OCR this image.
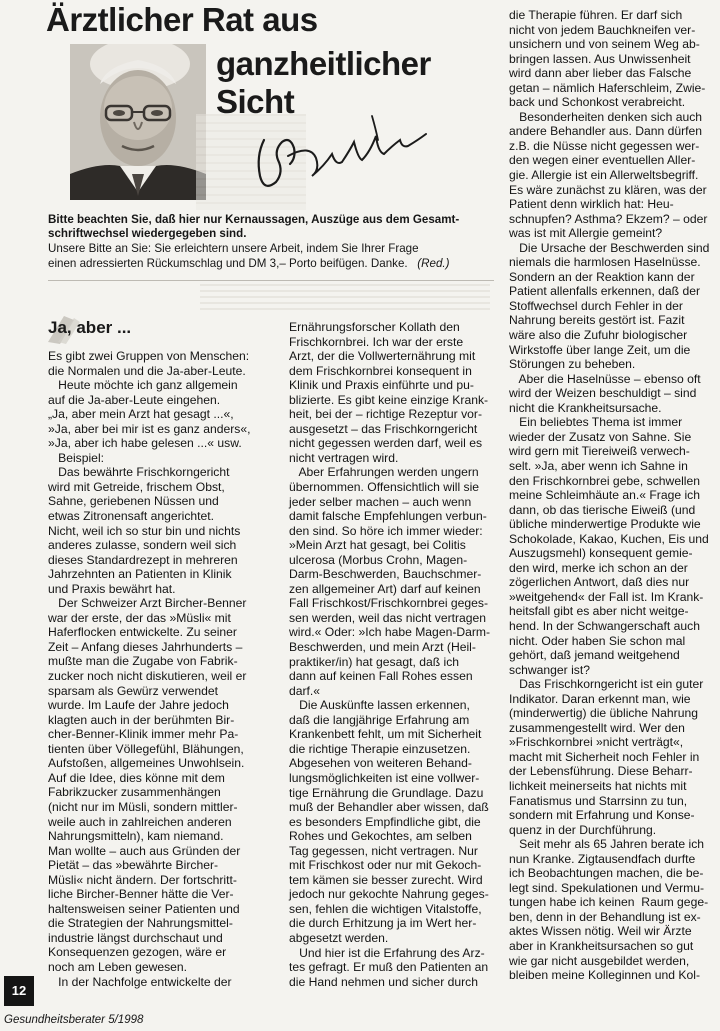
Ärztlicher Rat aus
ganzheitlicher
Sicht
Bitte beachten Sie, daß hier nur Kernaussagen, Auszüge aus dem Gesamt-
schriftwechsel wiedergegeben sind.
Unsere Bitte an Sie: Sie erleichtern unsere Arbeit, indem Sie Ihrer Frage
einen adressierten Rückumschlag und DM 3,– Porto beifügen. Danke. (Red.)
Ja, aber ...
Es gibt zwei Gruppen von Menschen:
die Normalen und die Ja-aber-Leute.
Heute möchte ich ganz allgemein
auf die Ja-aber-Leute eingehen.
„Ja, aber mein Arzt hat gesagt ...«,
»Ja, aber bei mir ist es ganz anders«,
»Ja, aber ich habe gelesen ...« usw.
Beispiel:
Das bewährte Frischkorngericht
wird mit Getreide, frischem Obst,
Sahne, geriebenen Nüssen und
etwas Zitronensaft angerichtet.
Nicht, weil ich so stur bin und nichts
anderes zulasse, sondern weil sich
dieses Standardrezept in mehreren
Jahrzehnten an Patienten in Klinik
und Praxis bewährt hat.
Der Schweizer Arzt Bircher-Benner
war der erste, der das »Müsli« mit
Haferflocken entwickelte. Zu seiner
Zeit – Anfang dieses Jahrhunderts –
mußte man die Zugabe von Fabrik-
zucker noch nicht diskutieren, weil er
sparsam als Gewürz verwendet
wurde. Im Laufe der Jahre jedoch
klagten auch in der berühmten Bir-
cher-Benner-Klinik immer mehr Pa-
tienten über Völlegefühl, Blähungen,
Aufstoßen, allgemeines Unwohlsein.
Auf die Idee, dies könne mit dem
Fabrikzucker zusammenhängen
(nicht nur im Müsli, sondern mittler-
weile auch in zahlreichen anderen
Nahrungsmitteln), kam niemand.
Man wollte – auch aus Gründen der
Pietät – das »bewährte Bircher-
Müsli« nicht ändern. Der fortschritt-
liche Bircher-Benner hätte die Ver-
haltensweisen seiner Patienten und
die Strategien der Nahrungsmittel-
industrie längst durchschaut und
Konsequenzen gezogen, wäre er
noch am Leben gewesen.
In der Nachfolge entwickelte der
Ernährungsforscher Kollath den
Frischkornbrei. Ich war der erste
Arzt, der die Vollwerternährung mit
dem Frischkornbrei konsequent in
Klinik und Praxis einführte und pu-
blizierte. Es gibt keine einzige Krank-
heit, bei der – richtige Rezeptur vor-
ausgesetzt – das Frischkorngericht
nicht gegessen werden darf, weil es
nicht vertragen wird.
Aber Erfahrungen werden ungern
übernommen. Offensichtlich will sie
jeder selber machen – auch wenn
damit falsche Empfehlungen verbun-
den sind. So höre ich immer wieder:
»Mein Arzt hat gesagt, bei Colitis
ulcerosa (Morbus Crohn, Magen-
Darm-Beschwerden, Bauchschmer-
zen allgemeiner Art) darf auf keinen
Fall Frischkost/Frischkornbrei geges-
sen werden, weil das nicht vertragen
wird.« Oder: »Ich habe Magen-Darm-
Beschwerden, und mein Arzt (Heil-
praktiker/in) hat gesagt, daß ich
dann auf keinen Fall Rohes essen
darf.«
Die Auskünfte lassen erkennen,
daß die langjährige Erfahrung am
Krankenbett fehlt, um mit Sicherheit
die richtige Therapie einzusetzen.
Abgesehen von weiteren Behand-
lungsmöglichkeiten ist eine vollwer-
tige Ernährung die Grundlage. Dazu
muß der Behandler aber wissen, daß
es besonders Empfindliche gibt, die
Rohes und Gekochtes, am selben
Tag gegessen, nicht vertragen. Nur
mit Frischkost oder nur mit Gekoch-
tem kämen sie besser zurecht. Wird
jedoch nur gekochte Nahrung geges-
sen, fehlen die wichtigen Vitalstoffe,
die durch Erhitzung ja im Wert her-
abgesetzt werden.
Und hier ist die Erfahrung des Arz-
tes gefragt. Er muß den Patienten an
die Hand nehmen und sicher durch
die Therapie führen. Er darf sich
nicht von jedem Bauchkneifen ver-
unsichern und von seinem Weg ab-
bringen lassen. Aus Unwissenheit
wird dann aber lieber das Falsche
getan – nämlich Haferschleim, Zwie-
back und Schonkost verabreicht.
Besonderheiten denken sich auch
andere Behandler aus. Dann dürfen
z.B. die Nüsse nicht gegessen wer-
den wegen einer eventuellen Aller-
gie. Allergie ist ein Allerweltsbegriff.
Es wäre zunächst zu klären, was der
Patient denn wirklich hat: Heu-
schnupfen? Asthma? Ekzem? – oder
was ist mit Allergie gemeint?
Die Ursache der Beschwerden sind
niemals die harmlosen Haselnüsse.
Sondern an der Reaktion kann der
Patient allenfalls erkennen, daß der
Stoffwechsel durch Fehler in der
Nahrung bereits gestört ist. Fazit
wäre also die Zufuhr biologischer
Wirkstoffe über lange Zeit, um die
Störungen zu beheben.
Aber die Haselnüsse – ebenso oft
wird der Weizen beschuldigt – sind
nicht die Krankheitsursache.
Ein beliebtes Thema ist immer
wieder der Zusatz von Sahne. Sie
wird gern mit Tiereiweiß verwech-
selt. »Ja, aber wenn ich Sahne in
den Frischkornbrei gebe, schwellen
meine Schleimhäute an.« Frage ich
dann, ob das tierische Eiweiß (und
übliche minderwertige Produkte wie
Schokolade, Kakao, Kuchen, Eis und
Auszugsmehl) konsequent gemie-
den wird, merke ich schon an der
zögerlichen Antwort, daß dies nur
»weitgehend« der Fall ist. Im Krank-
heitsfall gibt es aber nicht weitge-
hend. In der Schwangerschaft auch
nicht. Oder haben Sie schon mal
gehört, daß jemand weitgehend
schwanger ist?
Das Frischkorngericht ist ein guter
Indikator. Daran erkennt man, wie
(minderwertig) die übliche Nahrung
zusammengestellt wird. Wer den
»Frischkornbrei »nicht verträgt«,
macht mit Sicherheit noch Fehler in
der Lebensführung. Diese Beharr-
lichkeit meinerseits hat nichts mit
Fanatismus und Starrsinn zu tun,
sondern mit Erfahrung und Konse-
quenz in der Durchführung.
Seit mehr als 65 Jahren berate ich
nun Kranke. Zigtausendfach durfte
ich Beobachtungen machen, die be-
legt sind. Spekulationen und Vermu-
tungen habe ich keinen  Raum gege-
ben, denn in der Behandlung ist ex-
aktes Wissen nötig. Weil wir Ärzte
aber in Krankheitsursachen so gut
wie gar nicht ausgebildet werden,
bleiben meine Kolleginnen und Kol-
12
Gesundheitsberater 5/1998
